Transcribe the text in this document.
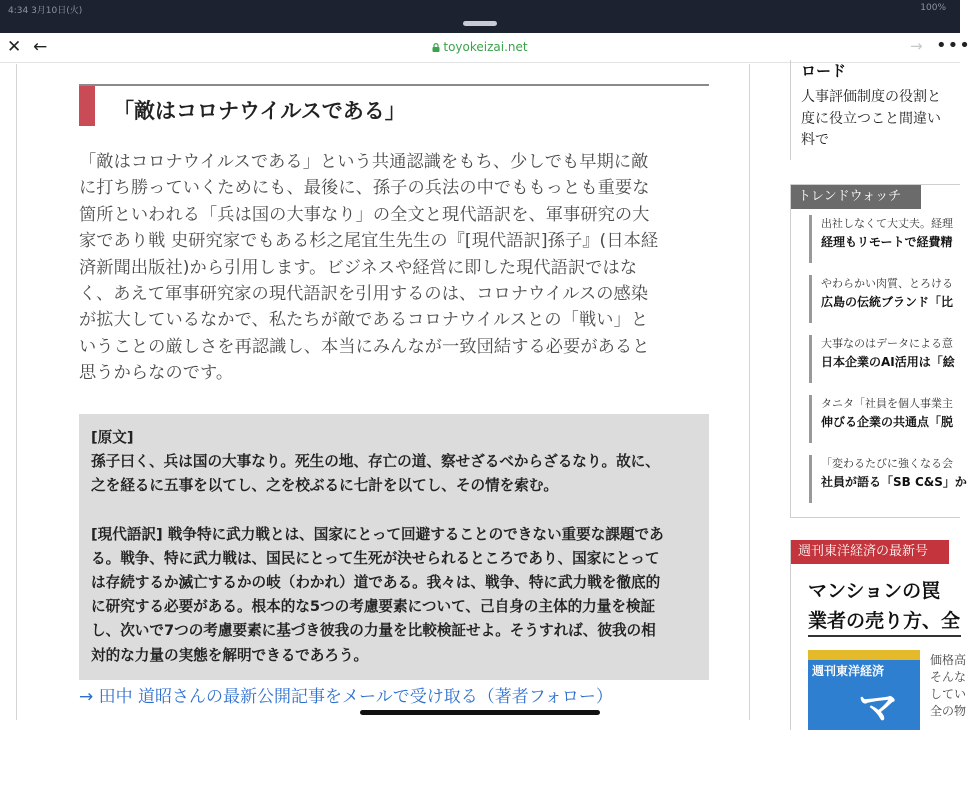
4:34 3月10日(火)	100%
✕ ←	toyokeizai.net	→ •••
「敵はコロナウイルスである」
「敵はコロナウイルスである」という共通認識をもち、少しでも早期に敵
に打ち勝っていくためにも、最後に、孫子の兵法の中でももっとも重要な
箇所といわれる「兵は国の大事なり」の全文と現代語訳を、軍事研究の大
家であり戦 史研究家でもある杉之尾宜生先生の『[現代語訳]孫子』(日本経
済新聞出版社)から引用します。ビジネスや経営に即した現代語訳ではな
く、あえて軍事研究家の現代語訳を引用するのは、コロナウイルスの感染
が拡大しているなかで、私たちが敵であるコロナウイルスとの「戦い」と
いうことの厳しさを再認識し、本当にみんなが一致団結する必要があると
思うからなのです。

[原文]

孫子曰く、兵は国の大事なり。死生の地、存亡の道、察せざるべからざるなり。故に、

之を経るに五事を以てし、之を校ぶるに七計を以てし、その情を索む。

[現代語訳] 戦争特に武力戦とは、国家にとって回避することのできない重要な課題であ

る。戦争、特に武力戦は、国民にとって生死が決せられるところであり、国家にとって

は存続するか滅亡するかの岐（わかれ）道である。我々は、戦争、特に武力戦を徹底的

に研究する必要がある。根本的な5つの考慮要素について、己自身の主体的力量を検証

し、次いで7つの考慮要素に基づき彼我の力量を比較検証せよ。そうすれば、彼我の相

対的な力量の実態を解明できるであろう。

→ 田中 道昭さんの最新公開記事をメールで受け取る（著者フォロー）
ロード
人事評価制度の役割と
度に役立つこと間違い
料で
トレンドウォッチ
出社しなくて大丈夫。経理
経理もリモートで経費精
やわらかい肉質、とろける
広島の伝統ブランド「比
大事なのはデータによる意
日本企業のAI活用は「絵
タニタ「社員を個人事業主
伸びる企業の共通点「脱
「変わるたびに強くなる会
社員が語る「SB C&S」か
週刊東洋経済の最新号
マンションの罠
業者の売り方、全
週刊東洋経済
マン
価格高
そんな
してい
全の物
